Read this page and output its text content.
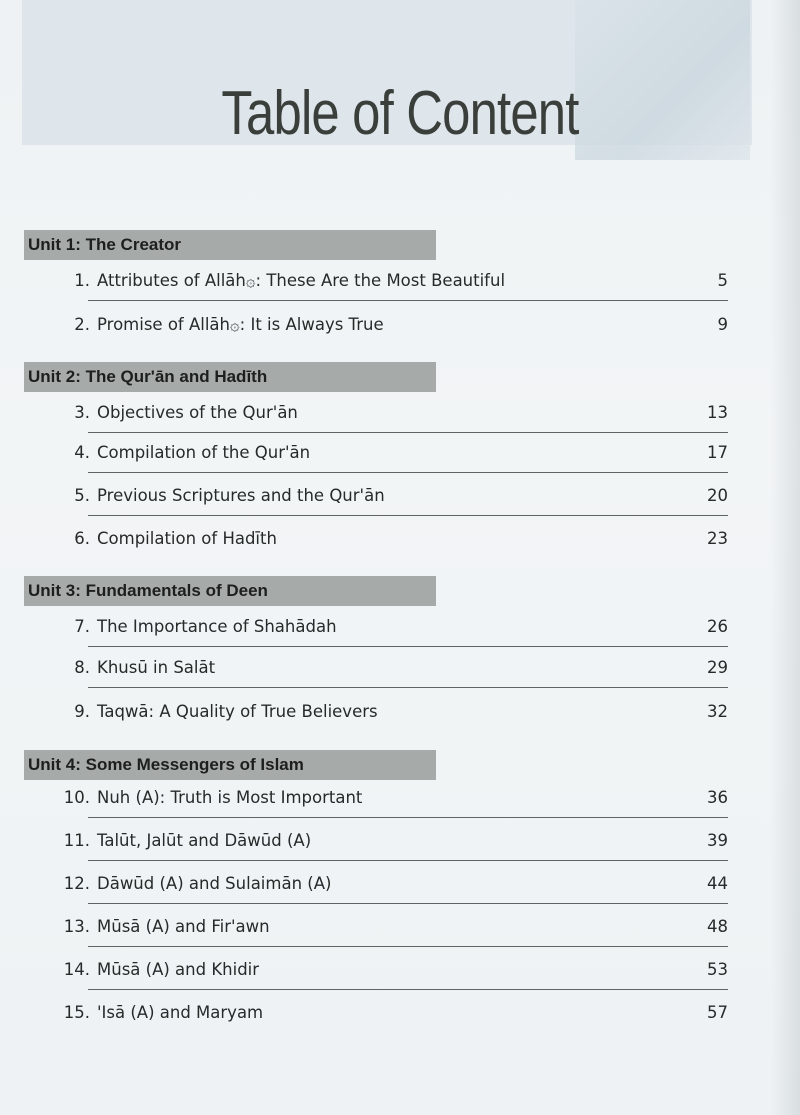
Table of Content
Unit 1: The Creator
1. Attributes of Allāh۞: These Are the Most Beautiful	5
2. Promise of Allāh۞: It is Always True	9
Unit 2: The Qur'ān and Hadīth
3. Objectives of the Qur'ān	13
4. Compilation of the Qur'ān	17
5. Previous Scriptures and the Qur'ān	20
6. Compilation of Hadīth	23
Unit 3: Fundamentals of Deen
7. The Importance of Shahādah	26
8. Khusū in Salāt	29
9. Taqwā: A Quality of True Believers	32
Unit 4: Some Messengers of Islam
10. Nuh (A): Truth is Most Important	36
11. Talūt, Jalūt and Dāwūd (A)	39
12. Dāwūd (A) and Sulaimān (A)	44
13. Mūsā (A) and Fir'awn	48
14. Mūsā (A) and Khidir	53
15. 'Isā (A) and Maryam	57
